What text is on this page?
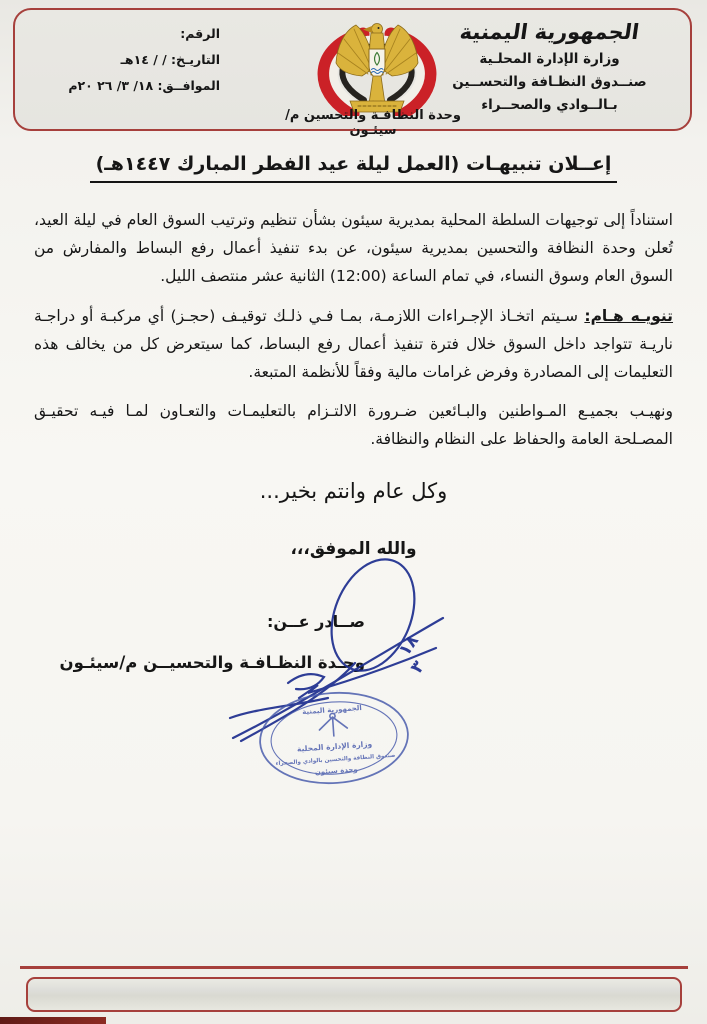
الجمهورية اليمنية
وزارة الإدارة المحلـية
صنــدوق النظـافة والتحســين
بـالــوادي والصحــراء
الرقم:
التاريـخ: / / ١٤هـ
الموافــق: ١٨/ ٣/ ٢٦ ٢٠م
وحدة النظافـة والتحسين م/سيئـون
إعــلان تنبيهـات (العمل ليلة عيد الفطر المبارك ١٤٤٧هـ)

استناداً إلى توجيهات السلطة المحلية بمديرية سيئون بشأن تنظيم وترتيب السوق العام في ليلة العيد، تُعلن وحدة النظافة والتحسين بمديرية سيئون، عن بدء تنفيذ أعمال رفع البساط والمفارش من السوق العام وسوق النساء، في تمام الساعة (12:00) الثانية عشر منتصف الليل.

تنويـه هـام: سـيتم اتخـاذ الإجـراءات اللازمـة، بمـا فـي ذلـك توقيـف (حجـز) أي مركبـة أو دراجـة ناريـة تتواجد داخل السوق خلال فترة تنفيذ أعمال رفع البساط، كما سيتعرض كل من يخالف هذه التعليمات إلى المصادرة وفرض غرامات مالية وفقاً للأنظمة المتبعة.

ونهيـب بجميـع المـواطنين والبـائعين ضـرورة الالتـزام بالتعليمـات والتعـاون لمـا فيـه تحقيـق المصـلحة العامة والحفاظ على النظام والنظافة.

وكل عام وانتم بخير...
والله الموفق،،،
صــادر عــن:
وحـدة النظـافـة والتحسيــن م/سيئـون
١٨
٣
الجمهورية اليمنية
وزارة الإدارة المحلية
صندوق النظافة والتحسين بالوادي والصحراء
وحدة سيئون
